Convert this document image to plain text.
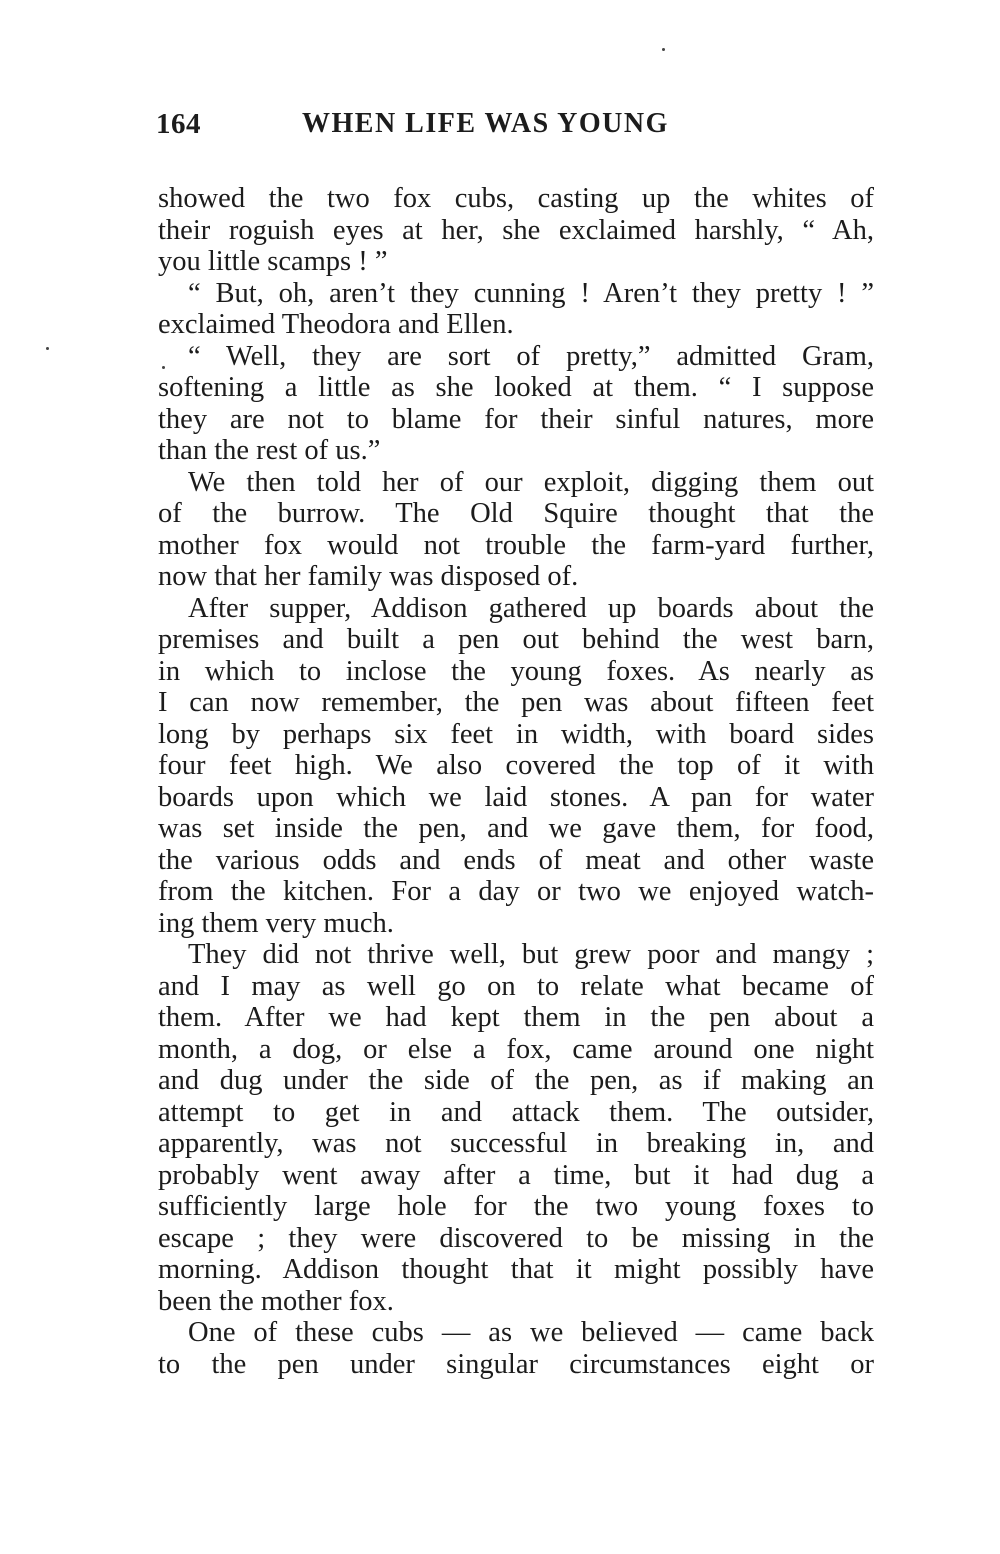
164	WHEN LIFE WAS YOUNG
showed the two fox cubs, casting up the whites of
their roguish eyes at her, she exclaimed harshly, “ Ah,
you little scamps ! ”
“ But, oh, aren’t they cunning ! Aren’t they pretty ! ”
exclaimed Theodora and Ellen.
“ Well, they are sort of pretty,” admitted Gram,
softening a little as she looked at them. “ I suppose
they are not to blame for their sinful natures, more
than the rest of us.”
We then told her of our exploit, digging them out
of the burrow. The Old Squire thought that the
mother fox would not trouble the farm-yard further,
now that her family was disposed of.
After supper, Addison gathered up boards about the
premises and built a pen out behind the west barn,
in which to inclose the young foxes. As nearly as
I can now remember, the pen was about fifteen feet
long by perhaps six feet in width, with board sides
four feet high. We also covered the top of it with
boards upon which we laid stones. A pan for water
was set inside the pen, and we gave them, for food,
the various odds and ends of meat and other waste
from the kitchen. For a day or two we enjoyed watch-
ing them very much.
They did not thrive well, but grew poor and mangy ;
and I may as well go on to relate what became of
them. After we had kept them in the pen about a
month, a dog, or else a fox, came around one night
and dug under the side of the pen, as if making an
attempt to get in and attack them. The outsider,
apparently, was not successful in breaking in, and
probably went away after a time, but it had dug a
sufficiently large hole for the two young foxes to
escape ; they were discovered to be missing in the
morning. Addison thought that it might possibly have
been the mother fox.
One of these cubs — as we believed — came back
to the pen under singular circumstances eight or
